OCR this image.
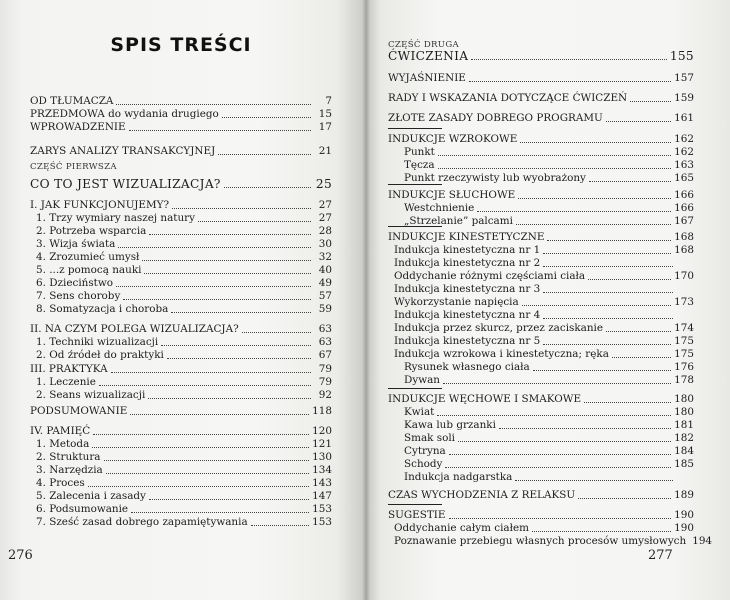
SPIS TREŚCI
OD TŁUMACZA	7
PRZEDMOWA do wydania drugiego	15
WPROWADZENIE	17
ZARYS ANALIZY TRANSAKCYJNEJ	21
CZĘŚĆ PIERWSZA
CO TO JEST WIZUALIZACJA?	25
I. JAK FUNKCJONUJEMY?	27
1. Trzy wymiary naszej natury	27
2. Potrzeba wsparcia	28
3. Wizja świata	30
4. Zrozumieć umysł	32
5. ...z pomocą nauki	40
6. Dzieciństwo	49
7. Sens choroby	57
8. Somatyzacja i choroba	59
II. NA CZYM POLEGA WIZUALIZACJA?	63
1. Techniki wizualizacji	63
2. Od źródeł do praktyki	67
III. PRAKTYKA	79
1. Leczenie	79
2. Seans wizualizacji	92
PODSUMOWANIE	118
IV. PAMIĘĆ	120
1. Metoda	121
2. Struktura	130
3. Narzędzia	134
4. Proces	143
5. Zalecenia i zasady	147
6. Podsumowanie	153
7. Sześć zasad dobrego zapamiętywania	153
276
CZĘŚĆ DRUGA
ĆWICZENIA	155
WYJAŚNIENIE	157
RADY I WSKAZANIA DOTYCZĄCE ĆWICZEŃ	159
ZŁOTE ZASADY DOBREGO PROGRAMU	161
INDUKCJE WZROKOWE	162
Punkt	162
Tęcza	163
Punkt rzeczywisty lub wyobrażony	165
INDUKCJE SŁUCHOWE	166
Westchnienie	166
„Strzelanie” palcami	167
INDUKCJE KINESTETYCZNE	168
Indukcja kinestetyczna nr 1	168
Indukcja kinestetyczna nr 2
Oddychanie różnymi częściami ciała	170
Indukcja kinestetyczna nr 3
Wykorzystanie napięcia	173
Indukcja kinestetyczna nr 4
Indukcja przez skurcz, przez zaciskanie	174
Indukcja kinestetyczna nr 5	175
Indukcja wzrokowa i kinestetyczna; ręka	175
Rysunek własnego ciała	176
Dywan	178
INDUKCJE WĘCHOWE I SMAKOWE	180
Kwiat	180
Kawa lub grzanki	181
Smak soli	182
Cytryna	184
Schody	185
Indukcja nadgarstka
CZAS WYCHODZENIA Z RELAKSU	189
SUGESTIE	190
Oddychanie całym ciałem	190
Poznawanie przebiegu własnych procesów umysłowych 194
277
